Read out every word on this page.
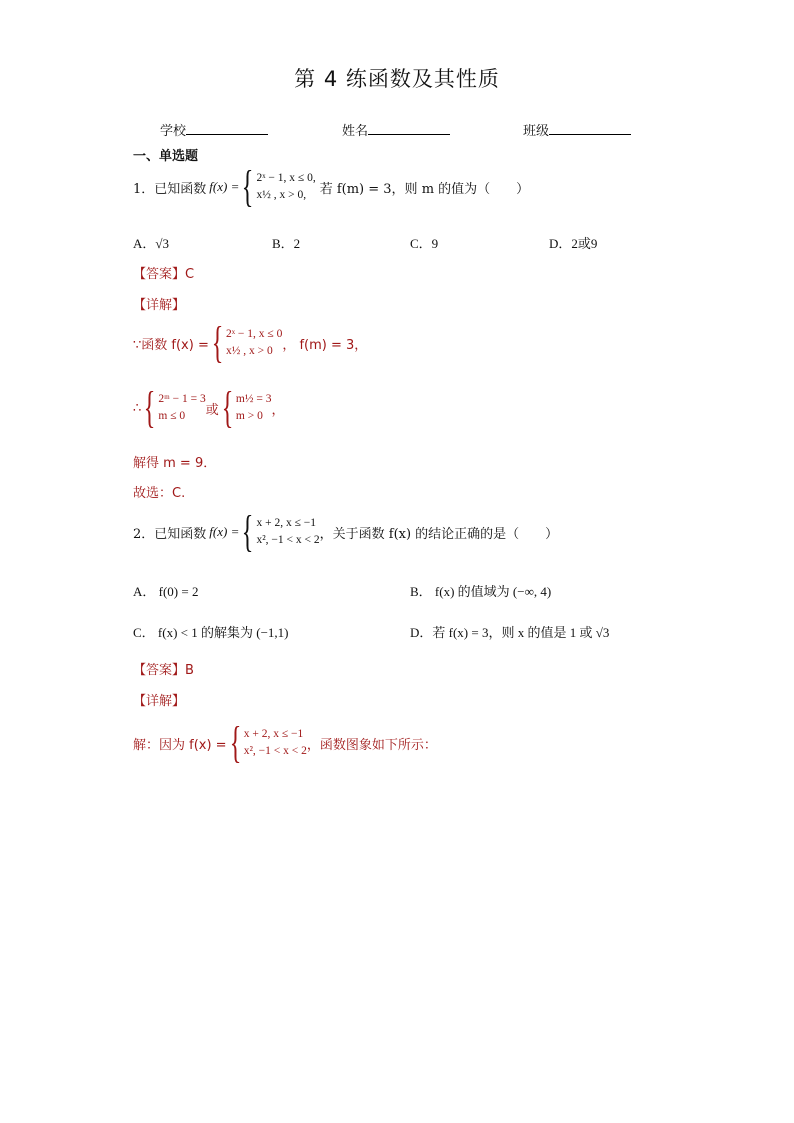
第 4 练函数及其性质
学校	姓名	班级
一、单选题
1．已知函数 f(x) = { 2ˣ − 1, x ≤ 0,
x½ , x > 0,	若 f(m) = 3，则 m 的值为（　　）
A．√3	B．2	C．9	D．2或9
【答案】C
【详解】
∵函数 f(x) = { 2ˣ − 1, x ≤ 0
x½ , x > 0 ， f(m) = 3，
∴ { 2ᵐ − 1 = 3
m ≤ 0	或 { m½ = 3
m > 0 ，
解得 m = 9．
故选：C.
2．已知函数 f(x) = { x + 2, x ≤ −1
x², −1 < x < 2 ，关于函数 f(x) 的结论正确的是（　　）
A． f(0) = 2	B． f(x) 的值域为 (−∞, 4)
C． f(x) < 1 的解集为 (−1,1)	D．若 f(x) = 3，则 x 的值是 1 或 √3
【答案】B
【详解】
解：因为 f(x) = { x + 2, x ≤ −1
x², −1 < x < 2 ，函数图象如下所示：
